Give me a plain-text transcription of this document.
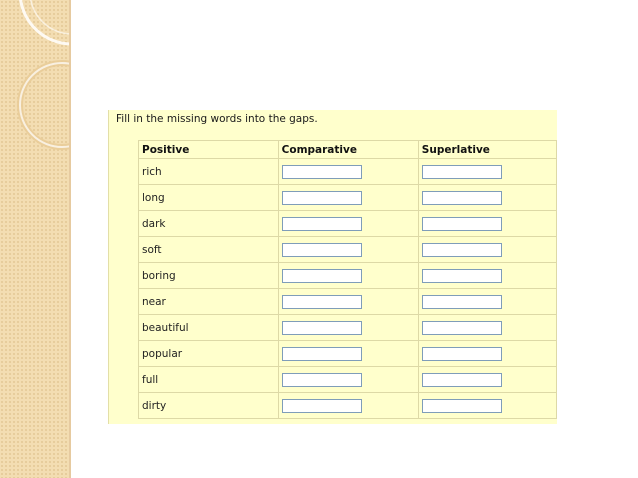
Fill in the missing words into the gaps.
Positive	Comparative	Superlative
rich	

long	

dark	

soft	

boring	

near	

beautiful	

popular	

full	

dirty	
